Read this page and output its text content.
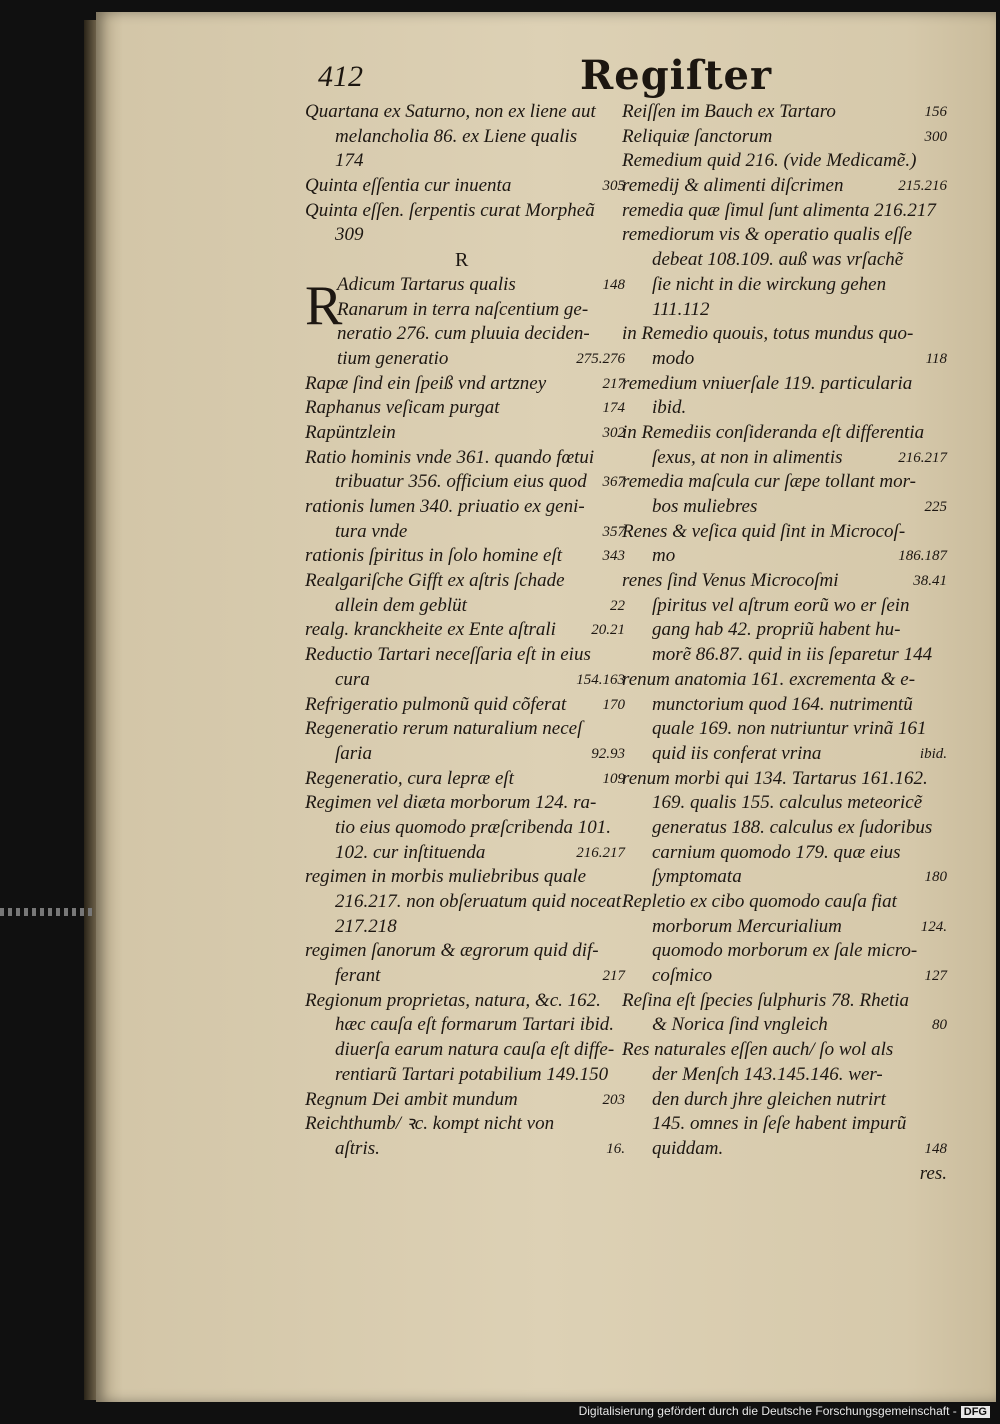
412	Regiſter
R
Quartana ex Saturno, non ex liene aut
melancholia 86. ex Liene qualis
174
Quinta eſſentia cur inuenta	305
Quinta eſſen. ſerpentis curat Morpheã
309
R
Adicum Tartarus qualis	148
Ranarum in terra naſcentium ge-
neratio 276. cum pluuia deciden-
tium generatio	275.276
Rapæ ſind ein ſpeiß vnd artzney	217
Raphanus veſicam purgat	174
Rapüntzlein	302
Ratio hominis vnde 361. quando fœtui
tribuatur 356. officium eius quod 367
rationis lumen 340. priuatio ex geni-
tura vnde	357
rationis ſpiritus in ſolo homine eſt	343
Realgariſche Gifft ex aſtris ſchade
allein dem geblüt	22
realg. kranckheite ex Ente aſtrali 20.21
Reductio Tartari neceſſaria eſt in eius
cura	154.163
Refrigeratio pulmonũ quid cõferat 170
Regeneratio rerum naturalium neceſ
ſaria	92.93
Regeneratio, cura lepræ eſt	109
Regimen vel diæta morborum 124. ra-
tio eius quomodo præſcribenda 101.
102. cur inſtituenda	216.217
regimen in morbis muliebribus quale
216.217. non obſeruatum quid noceat
217.218
regimen ſanorum & ægrorum quid dif-
ferant	217
Regionum proprietas, natura, &c. 162.
hæc cauſa eſt formarum Tartari ibid.
diuerſa earum natura cauſa eſt diffe-
rentiarũ Tartari potabilium 149.150
Regnum Dei ambit mundum	203
Reichthumb/ ꝛc. kompt nicht von
aſtris.	16.
Reiſſen im Bauch ex Tartaro	156
Reliquiæ ſanctorum	300
Remedium quid 216. (vide Medicamẽ.)
remedij & alimenti diſcrimen	215.216
remedia quæ ſimul ſunt alimenta 216.217
remediorum vis & operatio qualis eſſe
debeat 108.109. auß was vrſachẽ
ſie nicht in die wirckung gehen
111.112
in Remedio quouis, totus mundus quo-
modo	118
remedium vniuerſale 119. particularia
ibid.
in Remediis conſideranda eſt differentia
ſexus, at non in alimentis	216.217
remedia maſcula cur ſæpe tollant mor-
bos muliebres	225
Renes & veſica quid ſint in Microcoſ-
mo	186.187
renes ſind Venus Microcoſmi	38.41
ſpiritus vel aſtrum eorũ wo er ſein
gang hab 42. propriũ habent hu-
morẽ 86.87. quid in iis ſeparetur 144
renum anatomia 161. excrementa & e-
munctorium quod 164. nutrimentũ
quale 169. non nutriuntur vrinã 161
quid iis conferat vrina	ibid.
renum morbi qui 134. Tartarus 161.162.
169. qualis 155. calculus meteoricẽ
generatus 188. calculus ex ſudoribus
carnium quomodo 179. quæ eius
ſymptomata	180
Repletio ex cibo quomodo cauſa fiat
morborum Mercurialium	124.
quomodo morborum ex ſale micro-
coſmico	127
Reſina eſt ſpecies ſulphuris 78. Rhetia
& Norica ſind vngleich	80
Res naturales eſſen auch/ ſo wol als
der Menſch 143.145.146. wer-
den durch jhre gleichen nutrirt
145. omnes in ſeſe habent impurũ
quiddam.	148
res.
Digitalisierung gefördert durch die Deutsche Forschungsgemeinschaft - DFG
